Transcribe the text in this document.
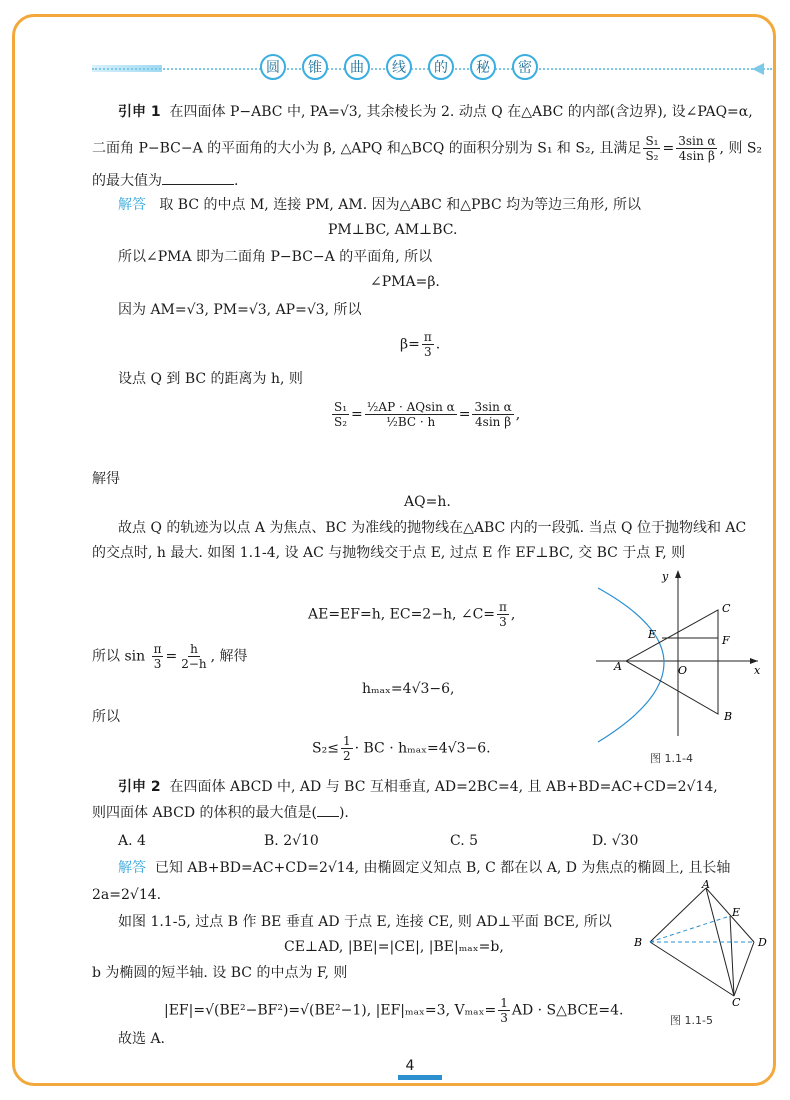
圆	锥	曲	线	的	秘	密
引申 1 在四面体 P−ABC 中, PA=√3, 其余棱长为 2. 动点 Q 在△ABC 的内部(含边界), 设∠PAQ=α,
二面角 P−BC−A 的平面角的大小为 β, △APQ 和△BCQ 的面积分别为 S₁ 和 S₂, 且满足 $\frac{\text{S₁}}{\text{S₂}} = \frac{\text{3sin α}}{\text{4sin β}}$ , 则 S₂
的最大值为	.
解答 取 BC 的中点 M, 连接 PM, AM. 因为△ABC 和△PBC 均为等边三角形, 所以
PM⊥BC, AM⊥BC.
所以∠PMA 即为二面角 P−BC−A 的平面角, 所以
∠PMA=β.
因为 AM=√3, PM=√3, AP=√3, 所以
$\beta= \frac{\pi}{3}$ .
设点 Q 到 BC 的距离为 h, 则
$\frac{\text{S₁}}{\text{S₂}} = \frac{\text{½AP · AQsin α}}{\text{½BC · h}} = \frac{\text{3sin α}}{\text{4sin β}}$ ,
解得
AQ=h.
故点 Q 的轨迹为以点 A 为焦点、BC 为准线的抛物线在△ABC 内的一段弧. 当点 Q 位于抛物线和 AC
的交点时, h 最大. 如图 1.1-4, 设 AC 与抛物线交于点 E, 过点 E 作 EF⊥BC, 交 BC 于点 F, 则
AE=EF=h, EC=2−h, ∠C= $\frac{\pi}{3}$ ,
所以 $\sin \frac{\pi}{3} = \frac{h}{2-h}$ , 解得
hₘₐₓ=4√3−6,
所以
$S_2\le \frac{1}{2}$ · BC · hₘₐₓ=4√3−6.
y
x
C
E	F
A	O
B
图 1.1-4
引申 2 在四面体 ABCD 中, AD 与 BC 互相垂直, AD=2BC=4, 且 AB+BD=AC+CD=2√14,
则四面体 ABCD 的体积的最大值是( ).
A. 4	B. 2√10	C. 5	D. √30
解答 已知 AB+BD=AC+CD=2√14, 由椭圆定义知点 B, C 都在以 A, D 为焦点的椭圆上, 且长轴
2a=2√14.
如图 1.1-5, 过点 B 作 BE 垂直 AD 于点 E, 连接 CE, 则 AD⊥平面 BCE, 所以
CE⊥AD, |BE|=|CE|, |BE|ₘₐₓ=b,
b 为椭圆的短半轴. 设 BC 的中点为 F, 则
|EF|=√(BE²−BF²)=√(BE²−1), |EF|ₘₐₓ=3, $V_{max}= \frac{1}{3}$ AD · S△BCE=4.
故选 A.
A
E
B	D
C
图 1.1-5
4
